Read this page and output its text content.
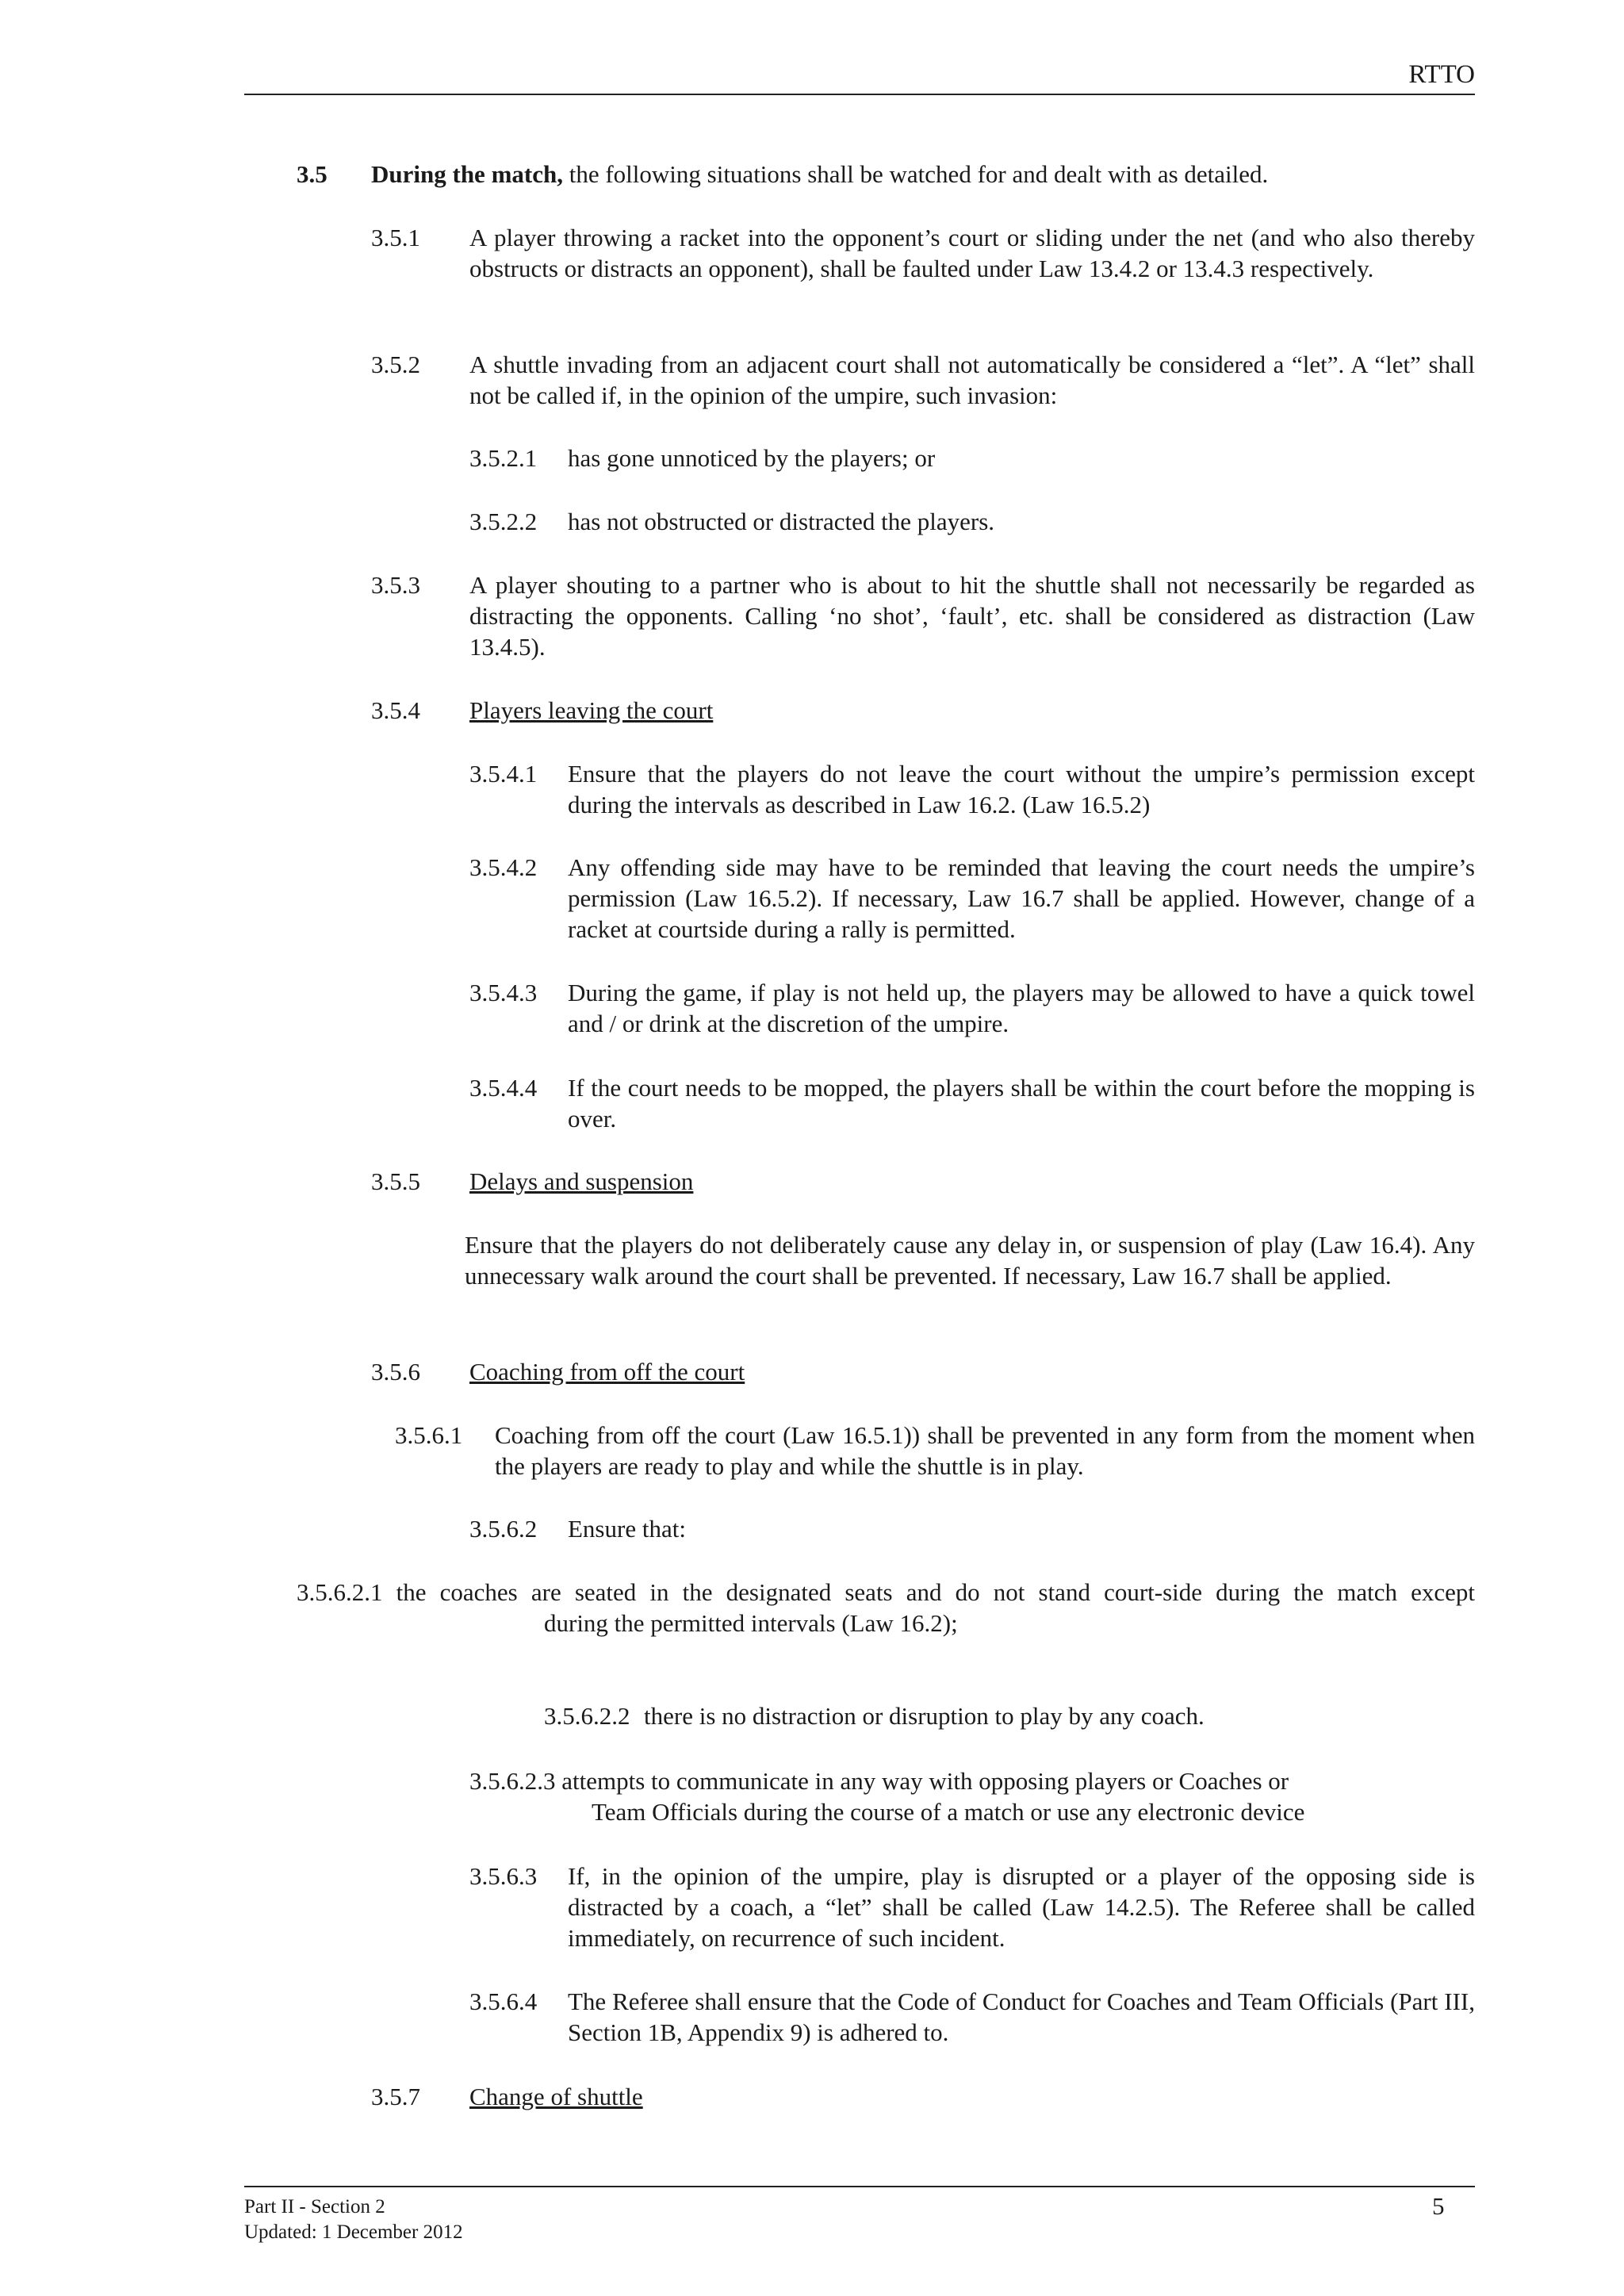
RTTO
3.5 During the match, the following situations shall be watched for and dealt with as detailed.
3.5.1 A player throwing a racket into the opponent’s court or sliding under the net (and who also thereby obstructs or distracts an opponent), shall be faulted under Law 13.4.2 or 13.4.3 respectively.
3.5.2 A shuttle invading from an adjacent court shall not automatically be considered a “let”. A “let” shall not be called if, in the opinion of the umpire, such invasion:
3.5.2.1 has gone unnoticed by the players; or
3.5.2.2 has not obstructed or distracted the players.
3.5.3 A player shouting to a partner who is about to hit the shuttle shall not necessarily be regarded as distracting the opponents. Calling ‘no shot’, ‘fault’, etc. shall be considered as distraction (Law 13.4.5).
3.5.4 Players leaving the court
3.5.4.1 Ensure that the players do not leave the court without the umpire’s permission except during the intervals as described in Law 16.2. (Law 16.5.2)
3.5.4.2 Any offending side may have to be reminded that leaving the court needs the umpire’s permission (Law 16.5.2). If necessary, Law 16.7 shall be applied. However, change of a racket at courtside during a rally is permitted.
3.5.4.3 During the game, if play is not held up, the players may be allowed to have a quick towel and / or drink at the discretion of the umpire.
3.5.4.4 If the court needs to be mopped, the players shall be within the court before the mopping is over.
3.5.5 Delays and suspension
Ensure that the players do not deliberately cause any delay in, or suspension of play (Law 16.4). Any unnecessary walk around the court shall be prevented. If necessary, Law 16.7 shall be applied.
3.5.6 Coaching from off the court
3.5.6.1 Coaching from off the court (Law 16.5.1)) shall be prevented in any form from the moment when the players are ready to play and while the shuttle is in play.
3.5.6.2 Ensure that:
3.5.6.2.1 the coaches are seated in the designated seats and do not stand court-side during the match except
during the permitted intervals (Law 16.2);
3.5.6.2.2 there is no distraction or disruption to play by any coach.
3.5.6.2.3 attempts to communicate in any way with opposing players or Coaches or
Team Officials during the course of a match or use any electronic device
3.5.6.3 If, in the opinion of the umpire, play is disrupted or a player of the opposing side is distracted by a coach, a “let” shall be called (Law 14.2.5). The Referee shall be called immediately, on recurrence of such incident.
3.5.6.4 The Referee shall ensure that the Code of Conduct for Coaches and Team Officials (Part III, Section 1B, Appendix 9) is adhered to.
3.5.7 Change of shuttle
Part II - Section 2
Updated: 1 December 2012
5
